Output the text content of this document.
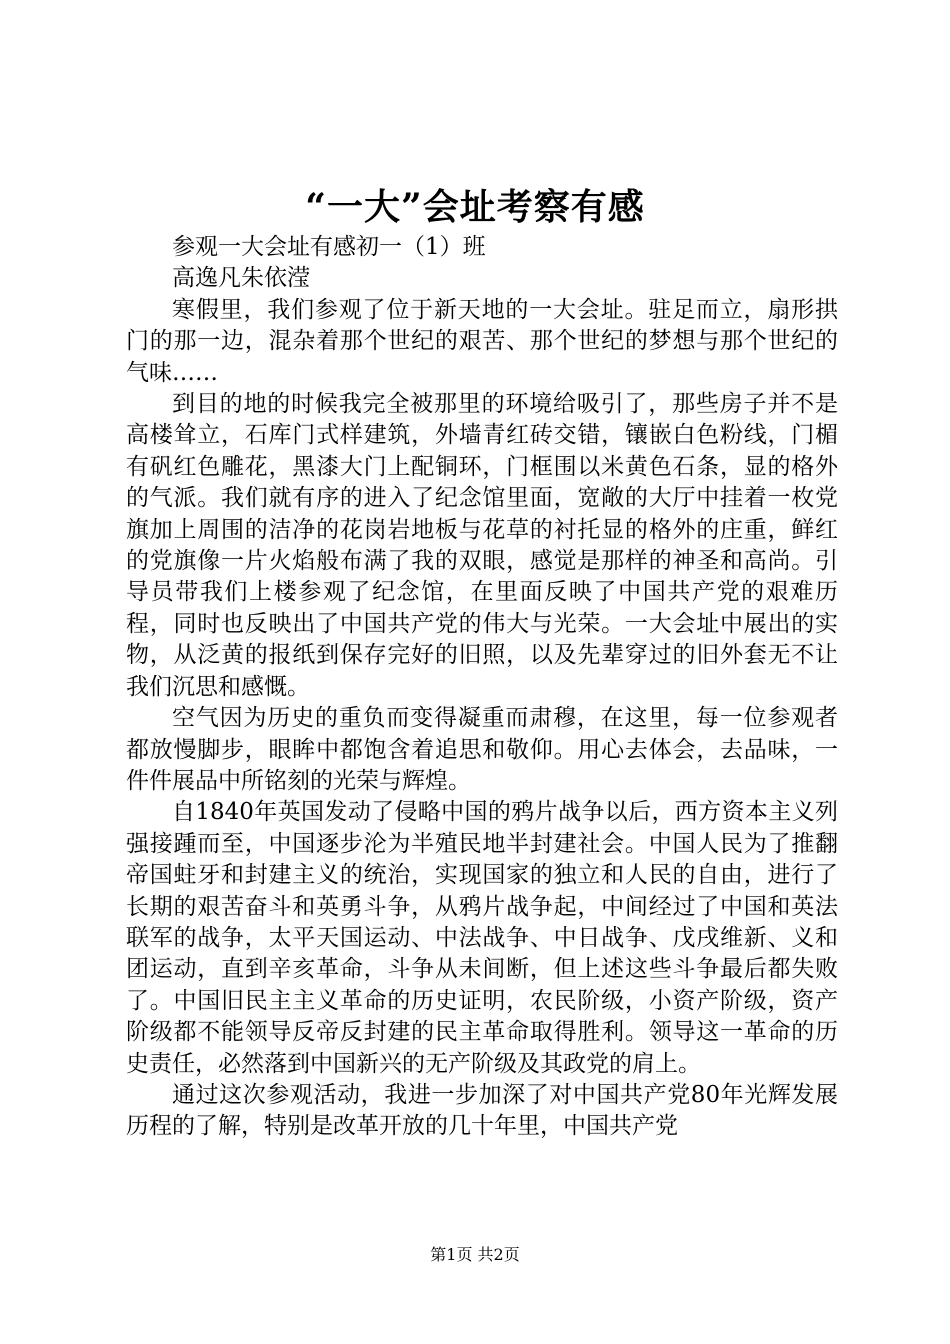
“一大”会址考察有感

参观一大会址有感初一（1）班

高逸凡朱依滢

寒假里，我们参观了位于新天地的一大会址。驻足而立，扇形拱门的那一边，混杂着那个世纪的艰苦、那个世纪的梦想与那个世纪的气味……

到目的地的时候我完全被那里的环境给吸引了，那些房子并不是高楼耸立，石库门式样建筑，外墙青红砖交错，镶嵌白色粉线，门楣有矾红色雕花，黑漆大门上配铜环，门框围以米黄色石条，显的格外的气派。我们就有序的进入了纪念馆里面，宽敞的大厅中挂着一枚党旗加上周围的洁净的花岗岩地板与花草的衬托显的格外的庄重，鲜红的党旗像一片火焰般布满了我的双眼，感觉是那样的神圣和高尚。引导员带我们上楼参观了纪念馆，在里面反映了中国共产党的艰难历程，同时也反映出了中国共产党的伟大与光荣。一大会址中展出的实物，从泛黄的报纸到保存完好的旧照，以及先辈穿过的旧外套无不让我们沉思和感慨。

空气因为历史的重负而变得凝重而肃穆，在这里，每一位参观者都放慢脚步，眼眸中都饱含着追思和敬仰。用心去体会，去品味，一件件展品中所铭刻的光荣与辉煌。

自1840年英国发动了侵略中国的鸦片战争以后，西方资本主义列强接踵而至，中国逐步沦为半殖民地半封建社会。中国人民为了推翻帝国蛀牙和封建主义的统治，实现国家的独立和人民的自由，进行了长期的艰苦奋斗和英勇斗争，从鸦片战争起，中间经过了中国和英法联军的战争，太平天国运动、中法战争、中日战争、戊戌维新、义和团运动，直到辛亥革命，斗争从未间断，但上述这些斗争最后都失败了。中国旧民主主义革命的历史证明，农民阶级，小资产阶级，资产阶级都不能领导反帝反封建的民主革命取得胜利。领导这一革命的历史责任，必然落到中国新兴的无产阶级及其政党的肩上。

通过这次参观活动，我进一步加深了对中国共产党80年光辉发展历程的了解，特别是改革开放的几十年里，中国共产党

第1页 共2页
